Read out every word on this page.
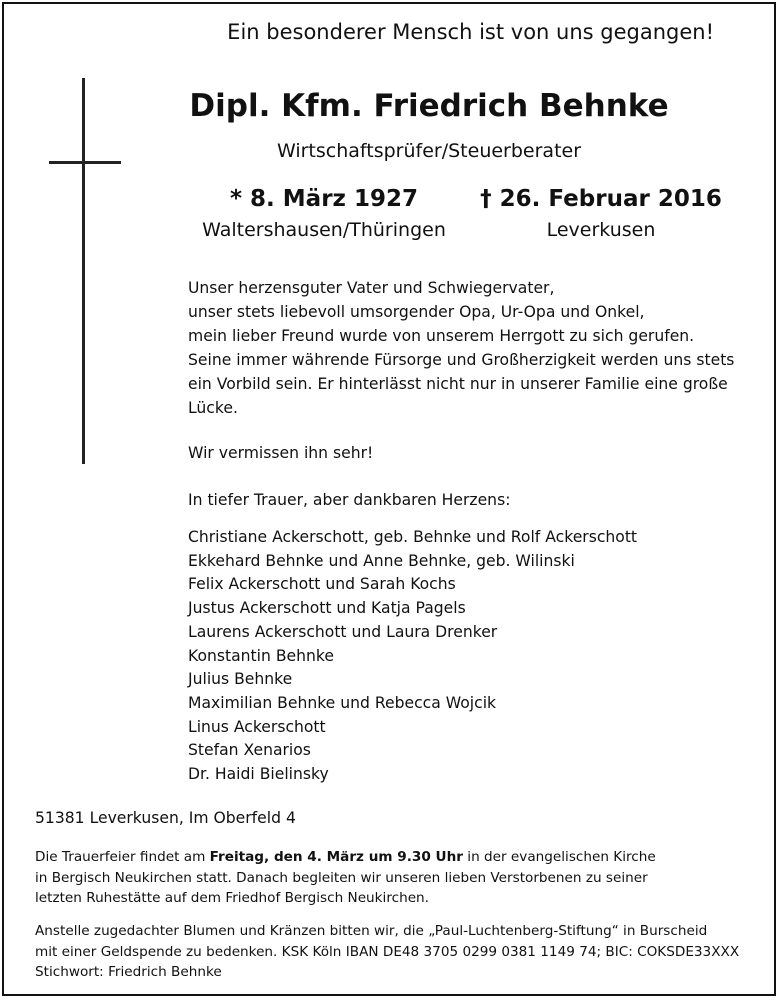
Ein besonderer Mensch ist von uns gegangen!
Dipl. Kfm. Friedrich Behnke
Wirtschaftsprüfer/Steuerberater
* 8. März 1927
Waltershausen/Thüringen
† 26. Februar 2016
Leverkusen
Unser herzensguter Vater und Schwiegervater,
unser stets liebevoll umsorgender Opa, Ur-Opa und Onkel,
mein lieber Freund wurde von unserem Herrgott zu sich gerufen.
Seine immer währende Fürsorge und Großherzigkeit werden uns stets
ein Vorbild sein. Er hinterlässt nicht nur in unserer Familie eine große
Lücke.
Wir vermissen ihn sehr!
In tiefer Trauer, aber dankbaren Herzens:
Christiane Ackerschott, geb. Behnke und Rolf Ackerschott
Ekkehard Behnke und Anne Behnke, geb. Wilinski
Felix Ackerschott und Sarah Kochs
Justus Ackerschott und Katja Pagels
Laurens Ackerschott und Laura Drenker
Konstantin Behnke
Julius Behnke
Maximilian Behnke und Rebecca Wojcik
Linus Ackerschott
Stefan Xenarios
Dr. Haidi Bielinsky
51381 Leverkusen, Im Oberfeld 4
Die Trauerfeier findet am Freitag, den 4. März um 9.30 Uhr in der evangelischen Kirche
in Bergisch Neukirchen statt. Danach begleiten wir unseren lieben Verstorbenen zu seiner
letzten Ruhestätte auf dem Friedhof Bergisch Neukirchen.
Anstelle zugedachter Blumen und Kränzen bitten wir, die „Paul-Luchtenberg-Stiftung“ in Burscheid
mit einer Geldspende zu bedenken. KSK Köln IBAN DE48 3705 0299 0381 1149 74; BIC: COKSDE33XXX
Stichwort: Friedrich Behnke
